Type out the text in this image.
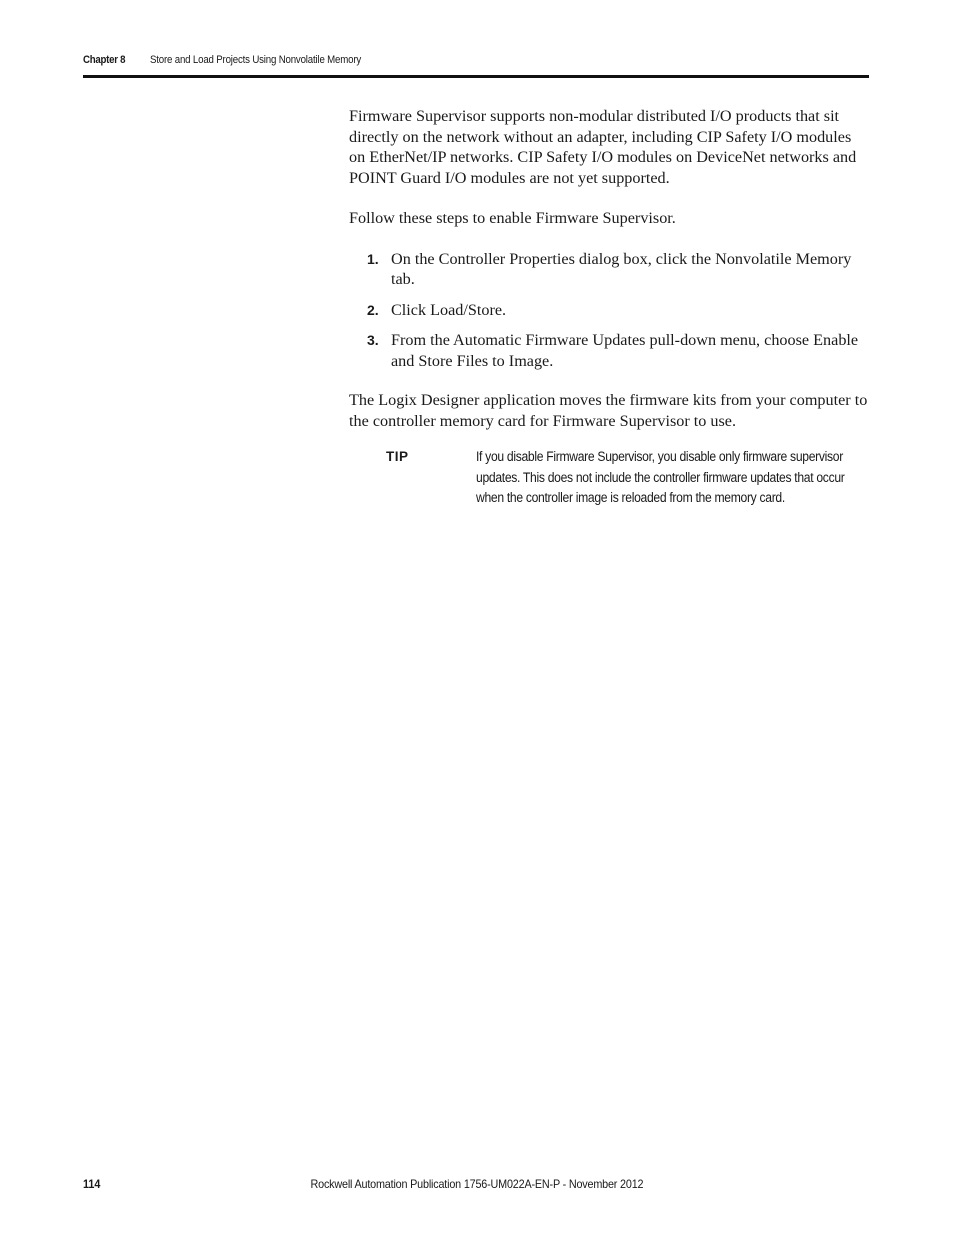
Chapter 8 Store and Load Projects Using Nonvolatile Memory

Firmware Supervisor supports non-modular distributed I/O products that sit directly on the network without an adapter, including CIP Safety I/O modules on EtherNet/IP networks. CIP Safety I/O modules on DeviceNet networks and POINT Guard I/O modules are not yet supported.

Follow these steps to enable Firmware Supervisor.

1. On the Controller Properties dialog box, click the Nonvolatile Memory tab.
2. Click Load/Store.
3. From the Automatic Firmware Updates pull-down menu, choose Enable and Store Files to Image.

The Logix Designer application moves the firmware kits from your computer to the controller memory card for Firmware Supervisor to use.

TIP	If you disable Firmware Supervisor, you disable only firmware supervisor updates. This does not include the controller firmware updates that occur when the controller image is reloaded from the memory card.
114	Rockwell Automation Publication 1756-UM022A-EN-P - November 2012
